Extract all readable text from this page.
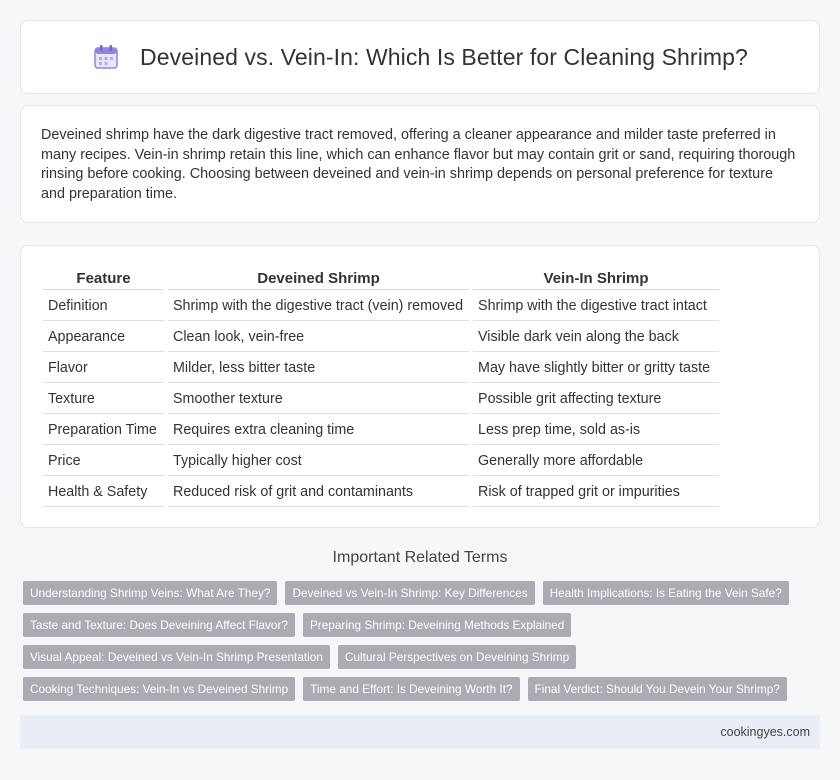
Deveined vs. Vein-In: Which Is Better for Cleaning Shrimp?

Deveined shrimp have the dark digestive tract removed, offering a cleaner appearance and milder taste preferred in many recipes. Vein-in shrimp retain this line, which can enhance flavor but may contain grit or sand, requiring thorough rinsing before cooking. Choosing between deveined and vein-in shrimp depends on personal preference for texture and preparation time.

Feature	Deveined Shrimp	Vein-In Shrimp
Definition	Shrimp with the digestive tract (vein) removed	Shrimp with the digestive tract intact
Appearance	Clean look, vein-free	Visible dark vein along the back
Flavor	Milder, less bitter taste	May have slightly bitter or gritty taste
Texture	Smoother texture	Possible grit affecting texture
Preparation Time	Requires extra cleaning time	Less prep time, sold as-is
Price	Typically higher cost	Generally more affordable
Health & Safety	Reduced risk of grit and contaminants	Risk of trapped grit or impurities
Important Related Terms
Understanding Shrimp Veins: What Are They?	Deveined vs Vein-In Shrimp: Key Differences	Health Implications: Is Eating the Vein Safe?
Taste and Texture: Does Deveining Affect Flavor?	Preparing Shrimp: Deveining Methods Explained
Visual Appeal: Deveined vs Vein-In Shrimp Presentation	Cultural Perspectives on Deveining Shrimp
Cooking Techniques: Vein-In vs Deveined Shrimp	Time and Effort: Is Deveining Worth It?	Final Verdict: Should You Devein Your Shrimp?
cookingyes.com
